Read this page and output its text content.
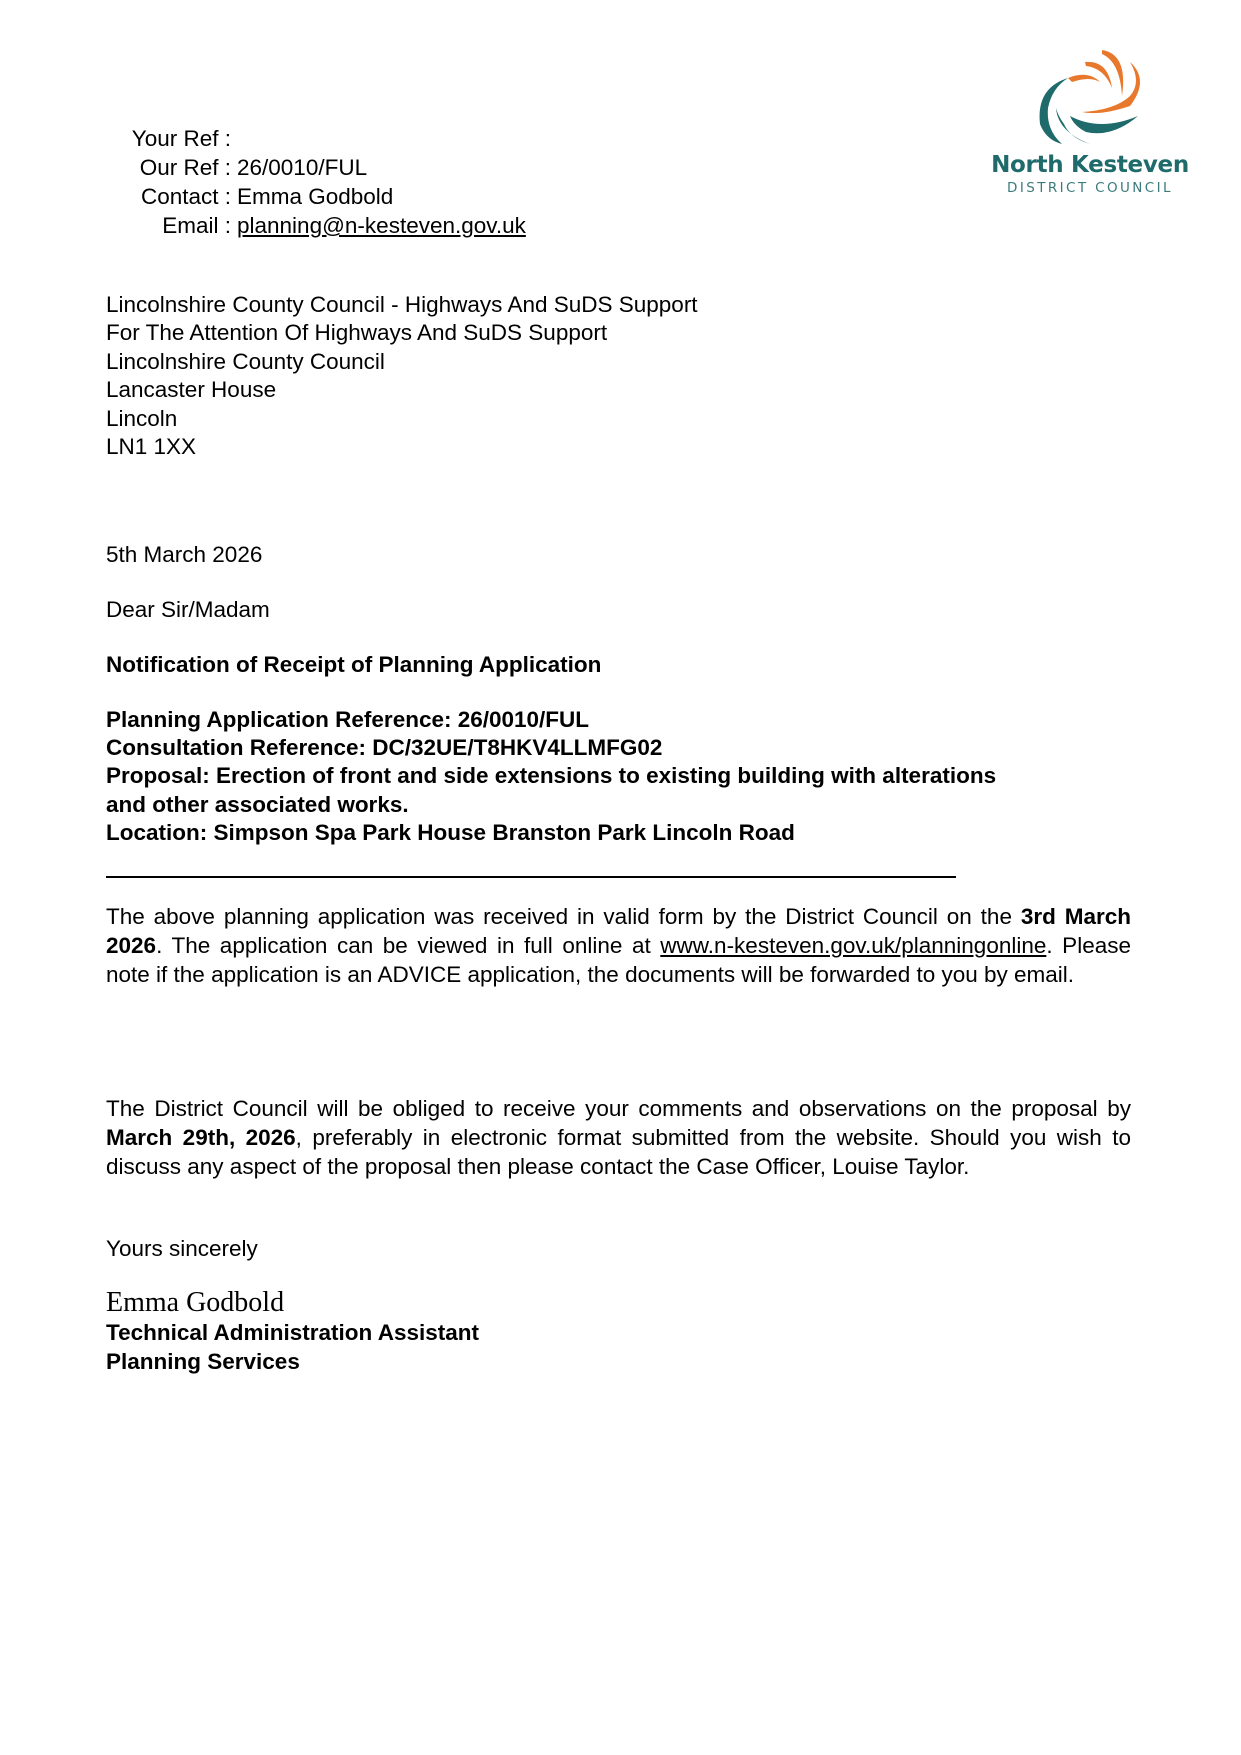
North Kesteven
DISTRICT COUNCIL
Your Ref :
Our Ref : 26/0010/FUL
Contact : Emma Godbold
Email : planning@n-kesteven.gov.uk
Lincolnshire County Council - Highways And SuDS Support
For The Attention Of Highways And SuDS Support
Lincolnshire County Council
Lancaster House
Lincoln
LN1 1XX
5th March 2026
Dear Sir/Madam
Notification of Receipt of Planning Application
Planning Application Reference: 26/0010/FUL
Consultation Reference: DC/32UE/T8HKV4LLMFG02
Proposal: Erection of front and side extensions to existing building with alterations
and other associated works.
Location: Simpson Spa Park House Branston Park Lincoln Road
The above planning application was received in valid form by the District Council on the 3rd March 2026. The application can be viewed in full online at www.n-kesteven.gov.uk/planningonline. Please note if the application is an ADVICE application, the documents will be forwarded to you by email.
The District Council will be obliged to receive your comments and observations on the proposal by March 29th, 2026, preferably in electronic format submitted from the website. Should you wish to discuss any aspect of the proposal then please contact the Case Officer, Louise Taylor.
Yours sincerely
Emma Godbold
Technical Administration Assistant
Planning Services
